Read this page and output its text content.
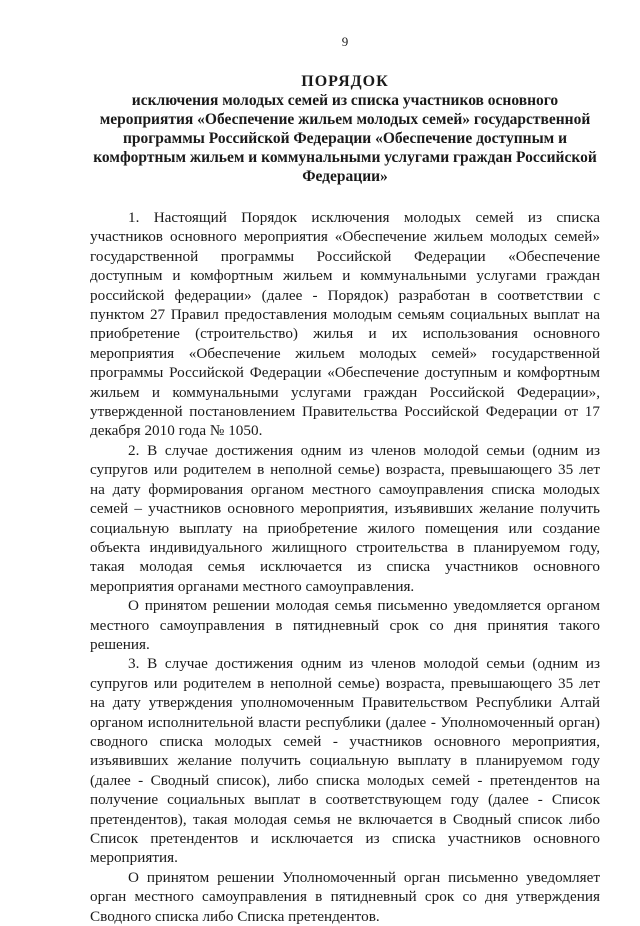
9
ПОРЯДОК
исключения молодых семей из списка участников основного мероприятия «Обеспечение жильем молодых семей» государственной программы Российской Федерации «Обеспечение доступным и комфортным жильем и коммунальными услугами граждан Российской Федерации»

1. Настоящий Порядок исключения молодых семей из списка участников основного мероприятия «Обеспечение жильем молодых семей» государственной программы Российской Федерации «Обеспечение доступным и комфортным жильем и коммунальными услугами граждан российской федерации» (далее - Порядок) разработан в соответствии с пунктом 27 Правил предоставления молодым семьям социальных выплат на приобретение (строительство) жилья и их использования основного мероприятия «Обеспечение жильем молодых семей» государственной программы Российской Федерации «Обеспечение доступным и комфортным жильем и коммунальными услугами граждан Российской Федерации», утвержденной постановлением Правительства Российской Федерации от 17 декабря 2010 года № 1050.

2. В случае достижения одним из членов молодой семьи (одним из супругов или родителем в неполной семье) возраста, превышающего 35 лет на дату формирования органом местного самоуправления списка молодых семей – участников основного мероприятия, изъявивших желание получить социальную выплату на приобретение жилого помещения или создание объекта индивидуального жилищного строительства в планируемом году, такая молодая семья исключается из списка участников основного мероприятия органами местного самоуправления.

О принятом решении молодая семья письменно уведомляется органом местного самоуправления в пятидневный срок со дня принятия такого решения.

3. В случае достижения одним из членов молодой семьи (одним из супругов или родителем в неполной семье) возраста, превышающего 35 лет на дату утверждения уполномоченным Правительством Республики Алтай органом исполнительной власти республики (далее - Уполномоченный орган) сводного списка молодых семей - участников основного мероприятия, изъявивших желание получить социальную выплату в планируемом году (далее - Сводный список), либо списка молодых семей - претендентов на получение социальных выплат в соответствующем году (далее - Список претендентов), такая молодая семья не включается в Сводный список либо Список претендентов и исключается из списка участников основного мероприятия.

О принятом решении Уполномоченный орган письменно уведомляет орган местного самоуправления в пятидневный срок со дня утверждения Сводного списка либо Списка претендентов.
